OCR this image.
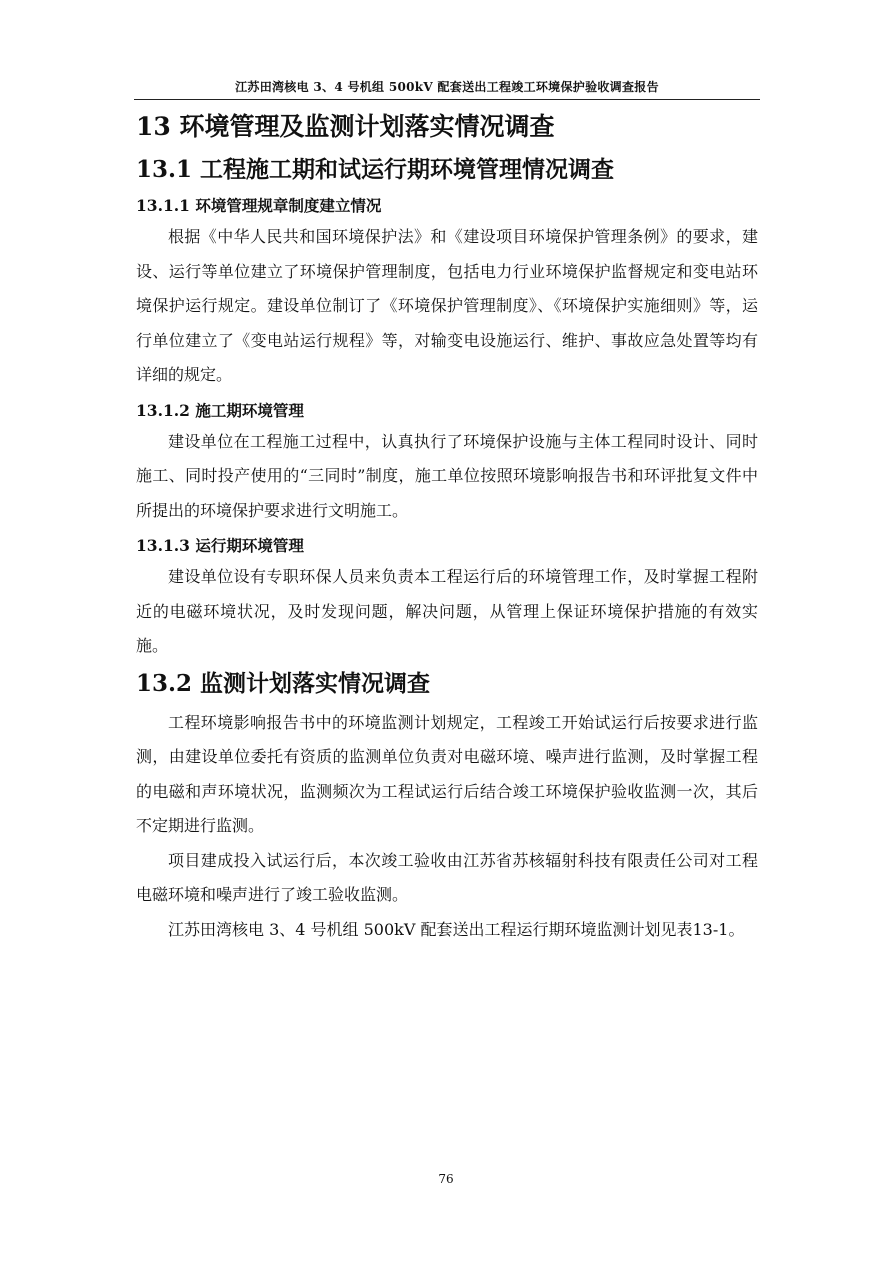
江苏田湾核电 3、4 号机组 500kV 配套送出工程竣工环境保护验收调查报告
13 环境管理及监测计划落实情况调查
13.1 工程施工期和试运行期环境管理情况调查
13.1.1 环境管理规章制度建立情况

根据《中华人民共和国环境保护法》和《建设项目环境保护管理条例》的要求，建设、运行等单位建立了环境保护管理制度，包括电力行业环境保护监督规定和变电站环境保护运行规定。建设单位制订了《环境保护管理制度》、《环境保护实施细则》等，运行单位建立了《变电站运行规程》等，对输变电设施运行、维护、事故应急处置等均有详细的规定。

13.1.2 施工期环境管理

建设单位在工程施工过程中，认真执行了环境保护设施与主体工程同时设计、同时施工、同时投产使用的“三同时”制度，施工单位按照环境影响报告书和环评批复文件中所提出的环境保护要求进行文明施工。

13.1.3 运行期环境管理

建设单位设有专职环保人员来负责本工程运行后的环境管理工作，及时掌握工程附近的电磁环境状况，及时发现问题，解决问题，从管理上保证环境保护措施的有效实施。

13.2 监测计划落实情况调查

工程环境影响报告书中的环境监测计划规定，工程竣工开始试运行后按要求进行监测，由建设单位委托有资质的监测单位负责对电磁环境、噪声进行监测，及时掌握工程的电磁和声环境状况，监测频次为工程试运行后结合竣工环境保护验收监测一次，其后不定期进行监测。

项目建成投入试运行后，本次竣工验收由江苏省苏核辐射科技有限责任公司对工程电磁环境和噪声进行了竣工验收监测。

江苏田湾核电 3、4 号机组 500kV 配套送出工程运行期环境监测计划见表13-1。

76
